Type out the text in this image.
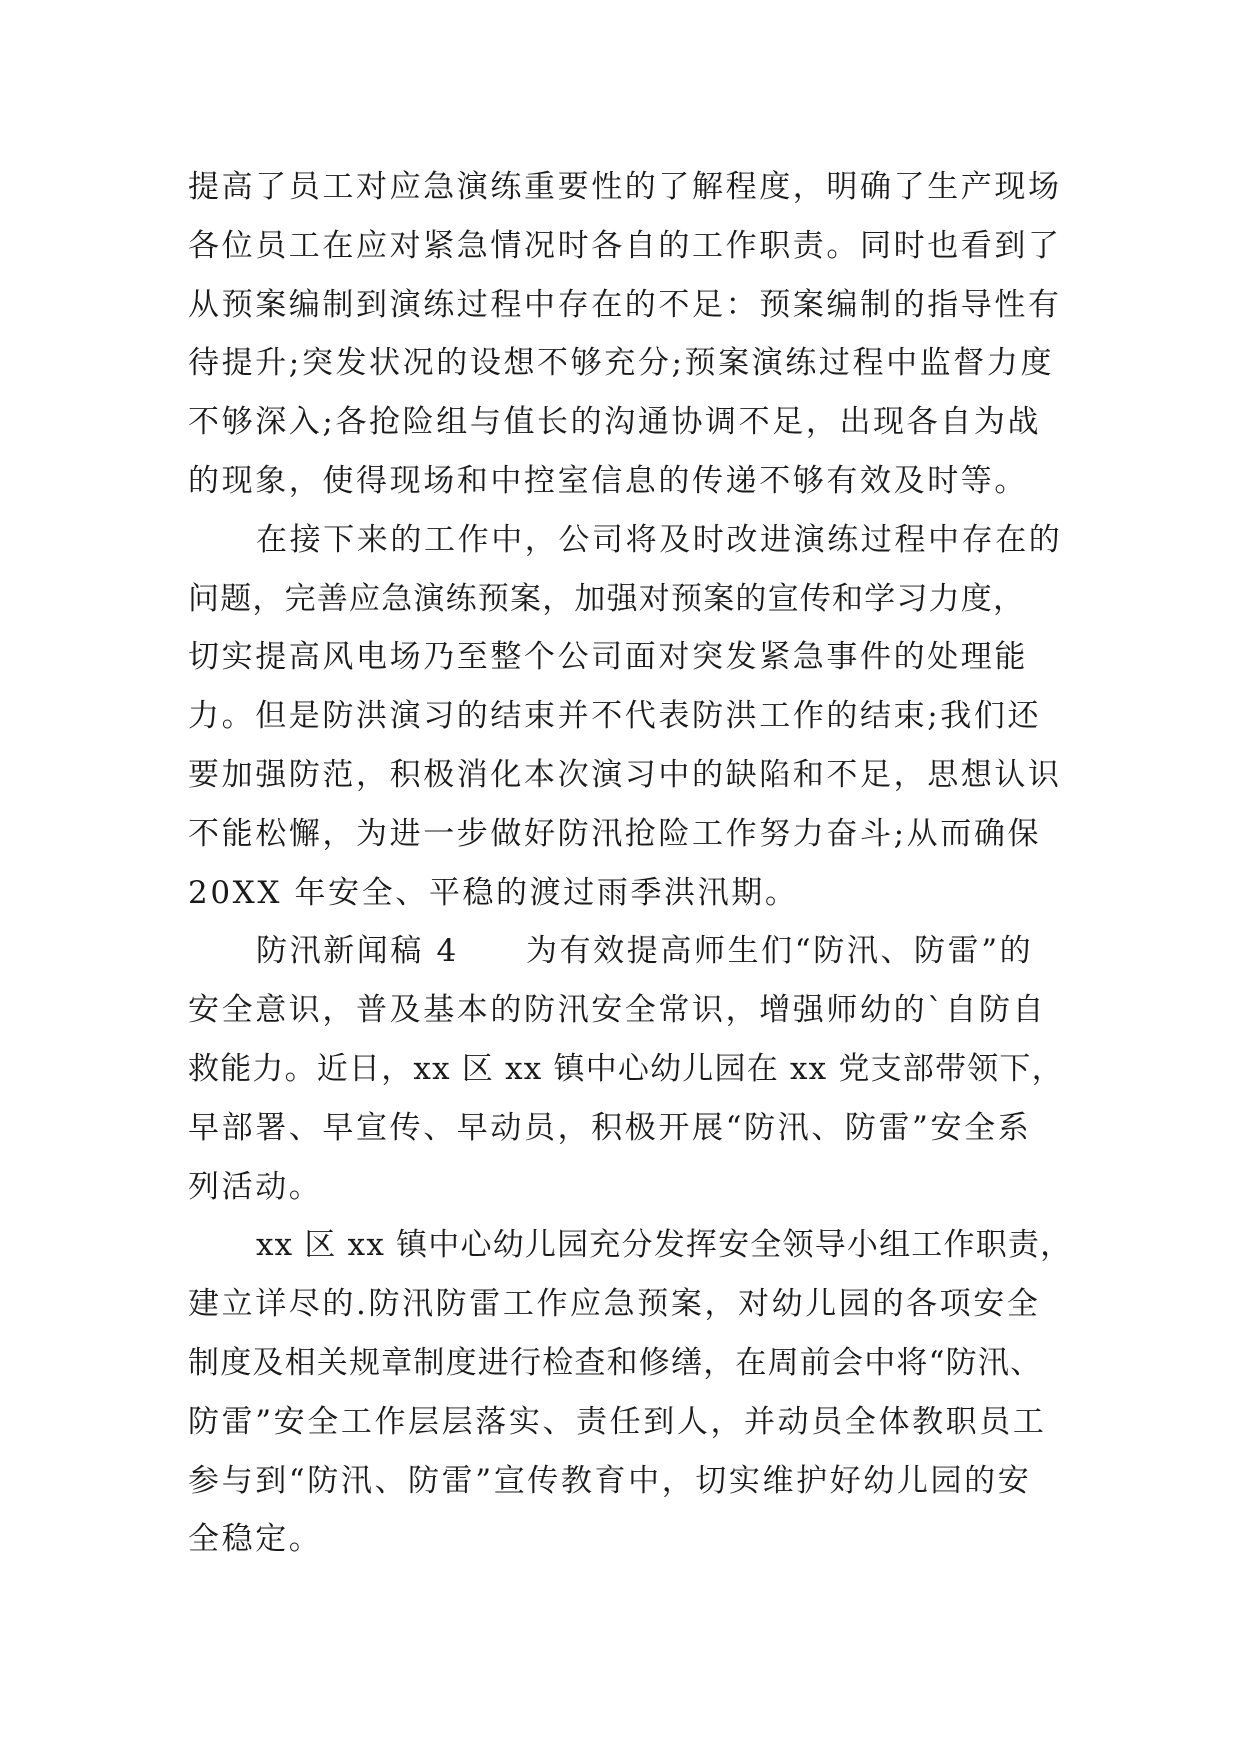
提高了员工对应急演练重要性的了解程度，明确了生产现场
各位员工在应对紧急情况时各自的工作职责。同时也看到了
从预案编制到演练过程中存在的不足：预案编制的指导性有
待提升;突发状况的设想不够充分;预案演练过程中监督力度
不够深入;各抢险组与值长的沟通协调不足，出现各自为战
的现象，使得现场和中控室信息的传递不够有效及时等。
在接下来的工作中，公司将及时改进演练过程中存在的
问题，完善应急演练预案，加强对预案的宣传和学习力度，
切实提高风电场乃至整个公司面对突发紧急事件的处理能
力。但是防洪演习的结束并不代表防洪工作的结束;我们还
要加强防范，积极消化本次演习中的缺陷和不足，思想认识
不能松懈，为进一步做好防汛抢险工作努力奋斗;从而确保
20XX 年安全、平稳的渡过雨季洪汛期。
防汛新闻稿 4　　为有效提高师生们“防汛、防雷”的
安全意识，普及基本的防汛安全常识，增强师幼的`自防自
救能力。近日，xx 区 xx 镇中心幼儿园在 xx 党支部带领下，
早部署、早宣传、早动员，积极开展“防汛、防雷”安全系
列活动。
xx 区 xx 镇中心幼儿园充分发挥安全领导小组工作职责，
建立详尽的.防汛防雷工作应急预案，对幼儿园的各项安全
制度及相关规章制度进行检查和修缮，在周前会中将“防汛、
防雷”安全工作层层落实、责任到人，并动员全体教职员工
参与到“防汛、防雷”宣传教育中，切实维护好幼儿园的安
全稳定。
